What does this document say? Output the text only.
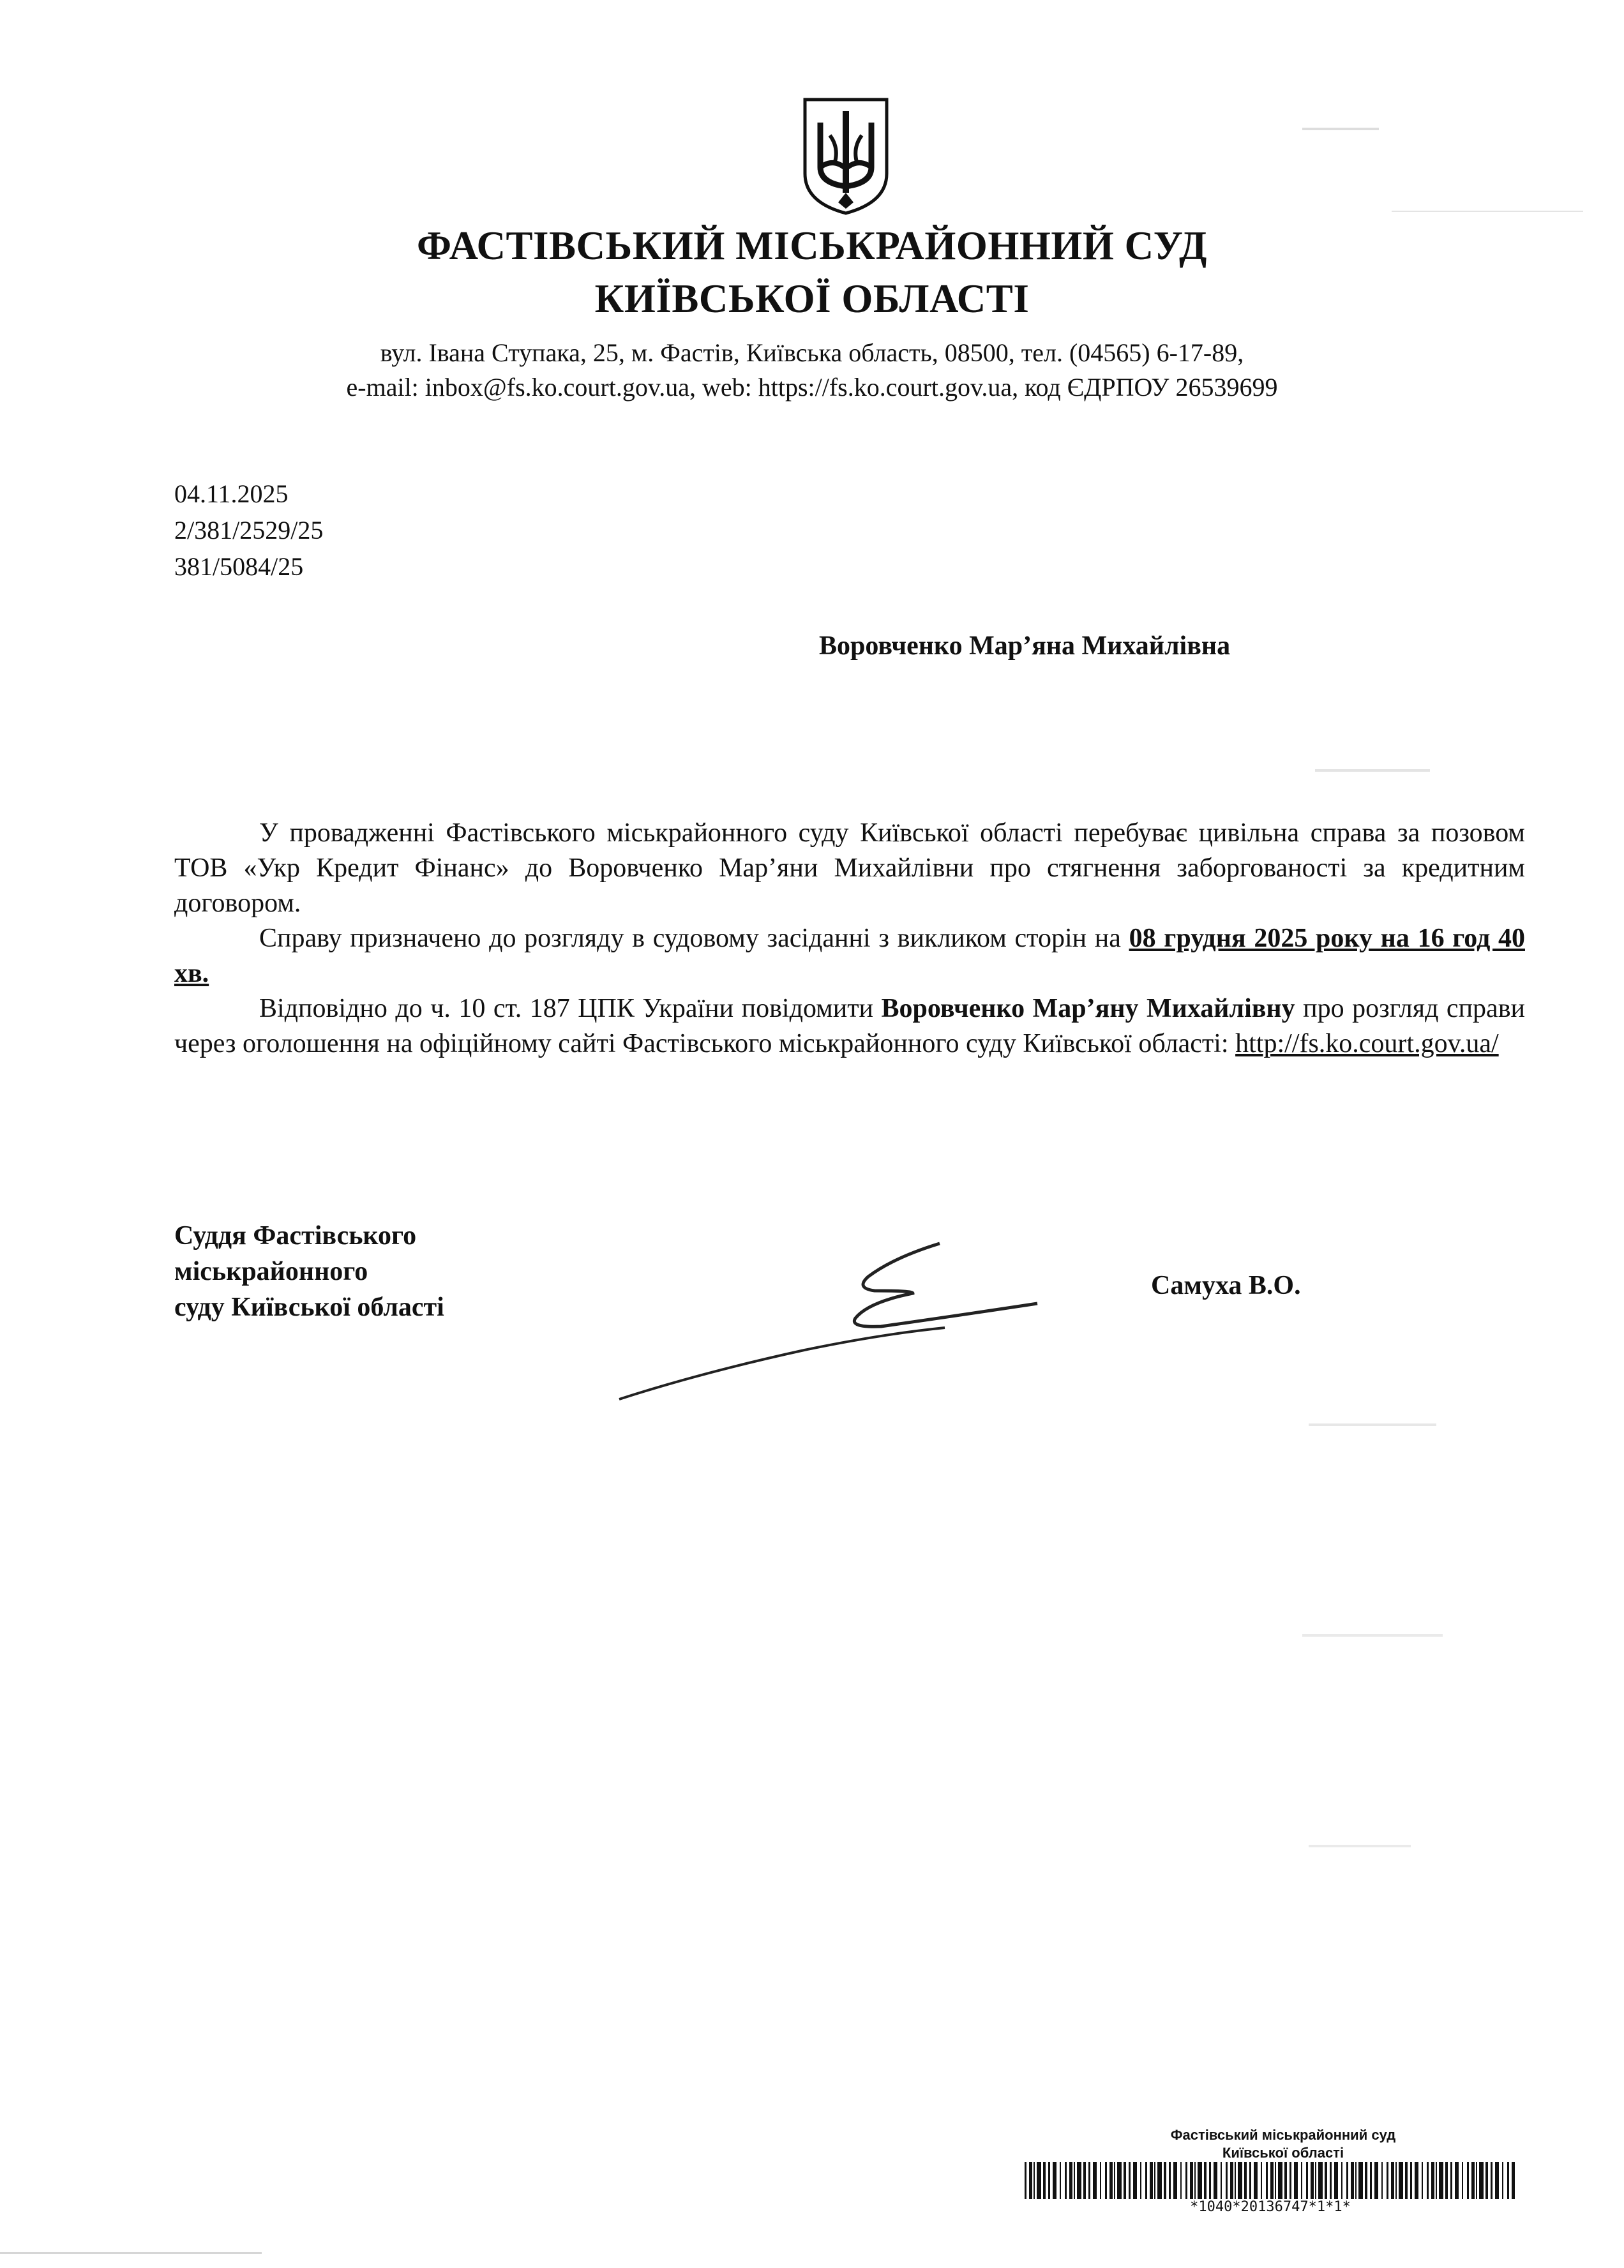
ФАСТІВСЬКИЙ МІСЬКРАЙОННИЙ СУД
КИЇВСЬКОЇ ОБЛАСТІ
вул. Івана Ступака, 25, м. Фастів, Київська область, 08500, тел. (04565) 6-17-89,
e-mail: inbox@fs.ko.court.gov.ua, web: https://fs.ko.court.gov.ua, код ЄДРПОУ 26539699
04.11.2025
2/381/2529/25
381/5084/25
Воровченко Мар’яна Михайлівна

У провадженні Фастівського міськрайонного суду Київської області перебуває цивільна справа за позовом ТОВ «Укр Кредит Фінанс» до Воровченко Мар’яни Михайлівни про стягнення заборгованості за кредитним договором.

Справу призначено до розгляду в судовому засіданні з викликом сторін на 08 грудня 2025 року на 16 год 40 хв.

Відповідно до ч. 10 ст. 187 ЦПК України повідомити Воровченко Мар’яну Михайлівну про розгляд справи через оголошення на офіційному сайті Фастівського міськрайонного суду Київської області: http://fs.ko.court.gov.ua/

Суддя Фастівського
міськрайонного
суду Київської області
Самуха В.О.
Фастівський міськрайонний суд
Київської області
*1040*20136747*1*1*
